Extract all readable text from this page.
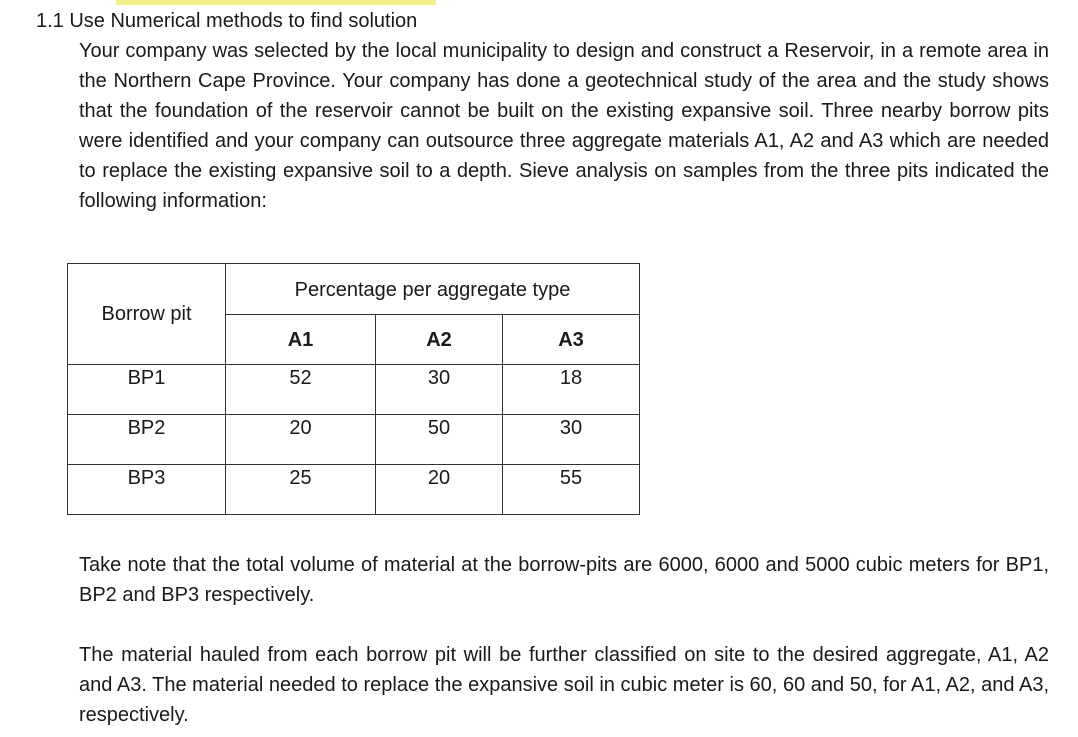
1.1 Use Numerical methods to find solution

Your company was selected by the local municipality to design and construct a Reservoir, in a remote area in the Northern Cape Province. Your company has done a geotechnical study of the area and the study shows that the foundation of the reservoir cannot be built on the existing expansive soil. Three nearby borrow pits were identified and your company can outsource three aggregate materials A1, A2 and A3 which are needed to replace the existing expansive soil to a depth. Sieve analysis on samples from the three pits indicated the following information:

Borrow pit	Percentage per aggregate type		

	A1	A2	A3

BP1	52	30	18

BP2	20	50	30

BP3	25	20	55

Take note that the total volume of material at the borrow-pits are 6000, 6000 and 5000 cubic meters for BP1, BP2 and BP3 respectively.

The material hauled from each borrow pit will be further classified on site to the desired aggregate, A1, A2 and A3. The material needed to replace the expansive soil in cubic meter is 60, 60 and 50, for A1, A2, and A3, respectively.
